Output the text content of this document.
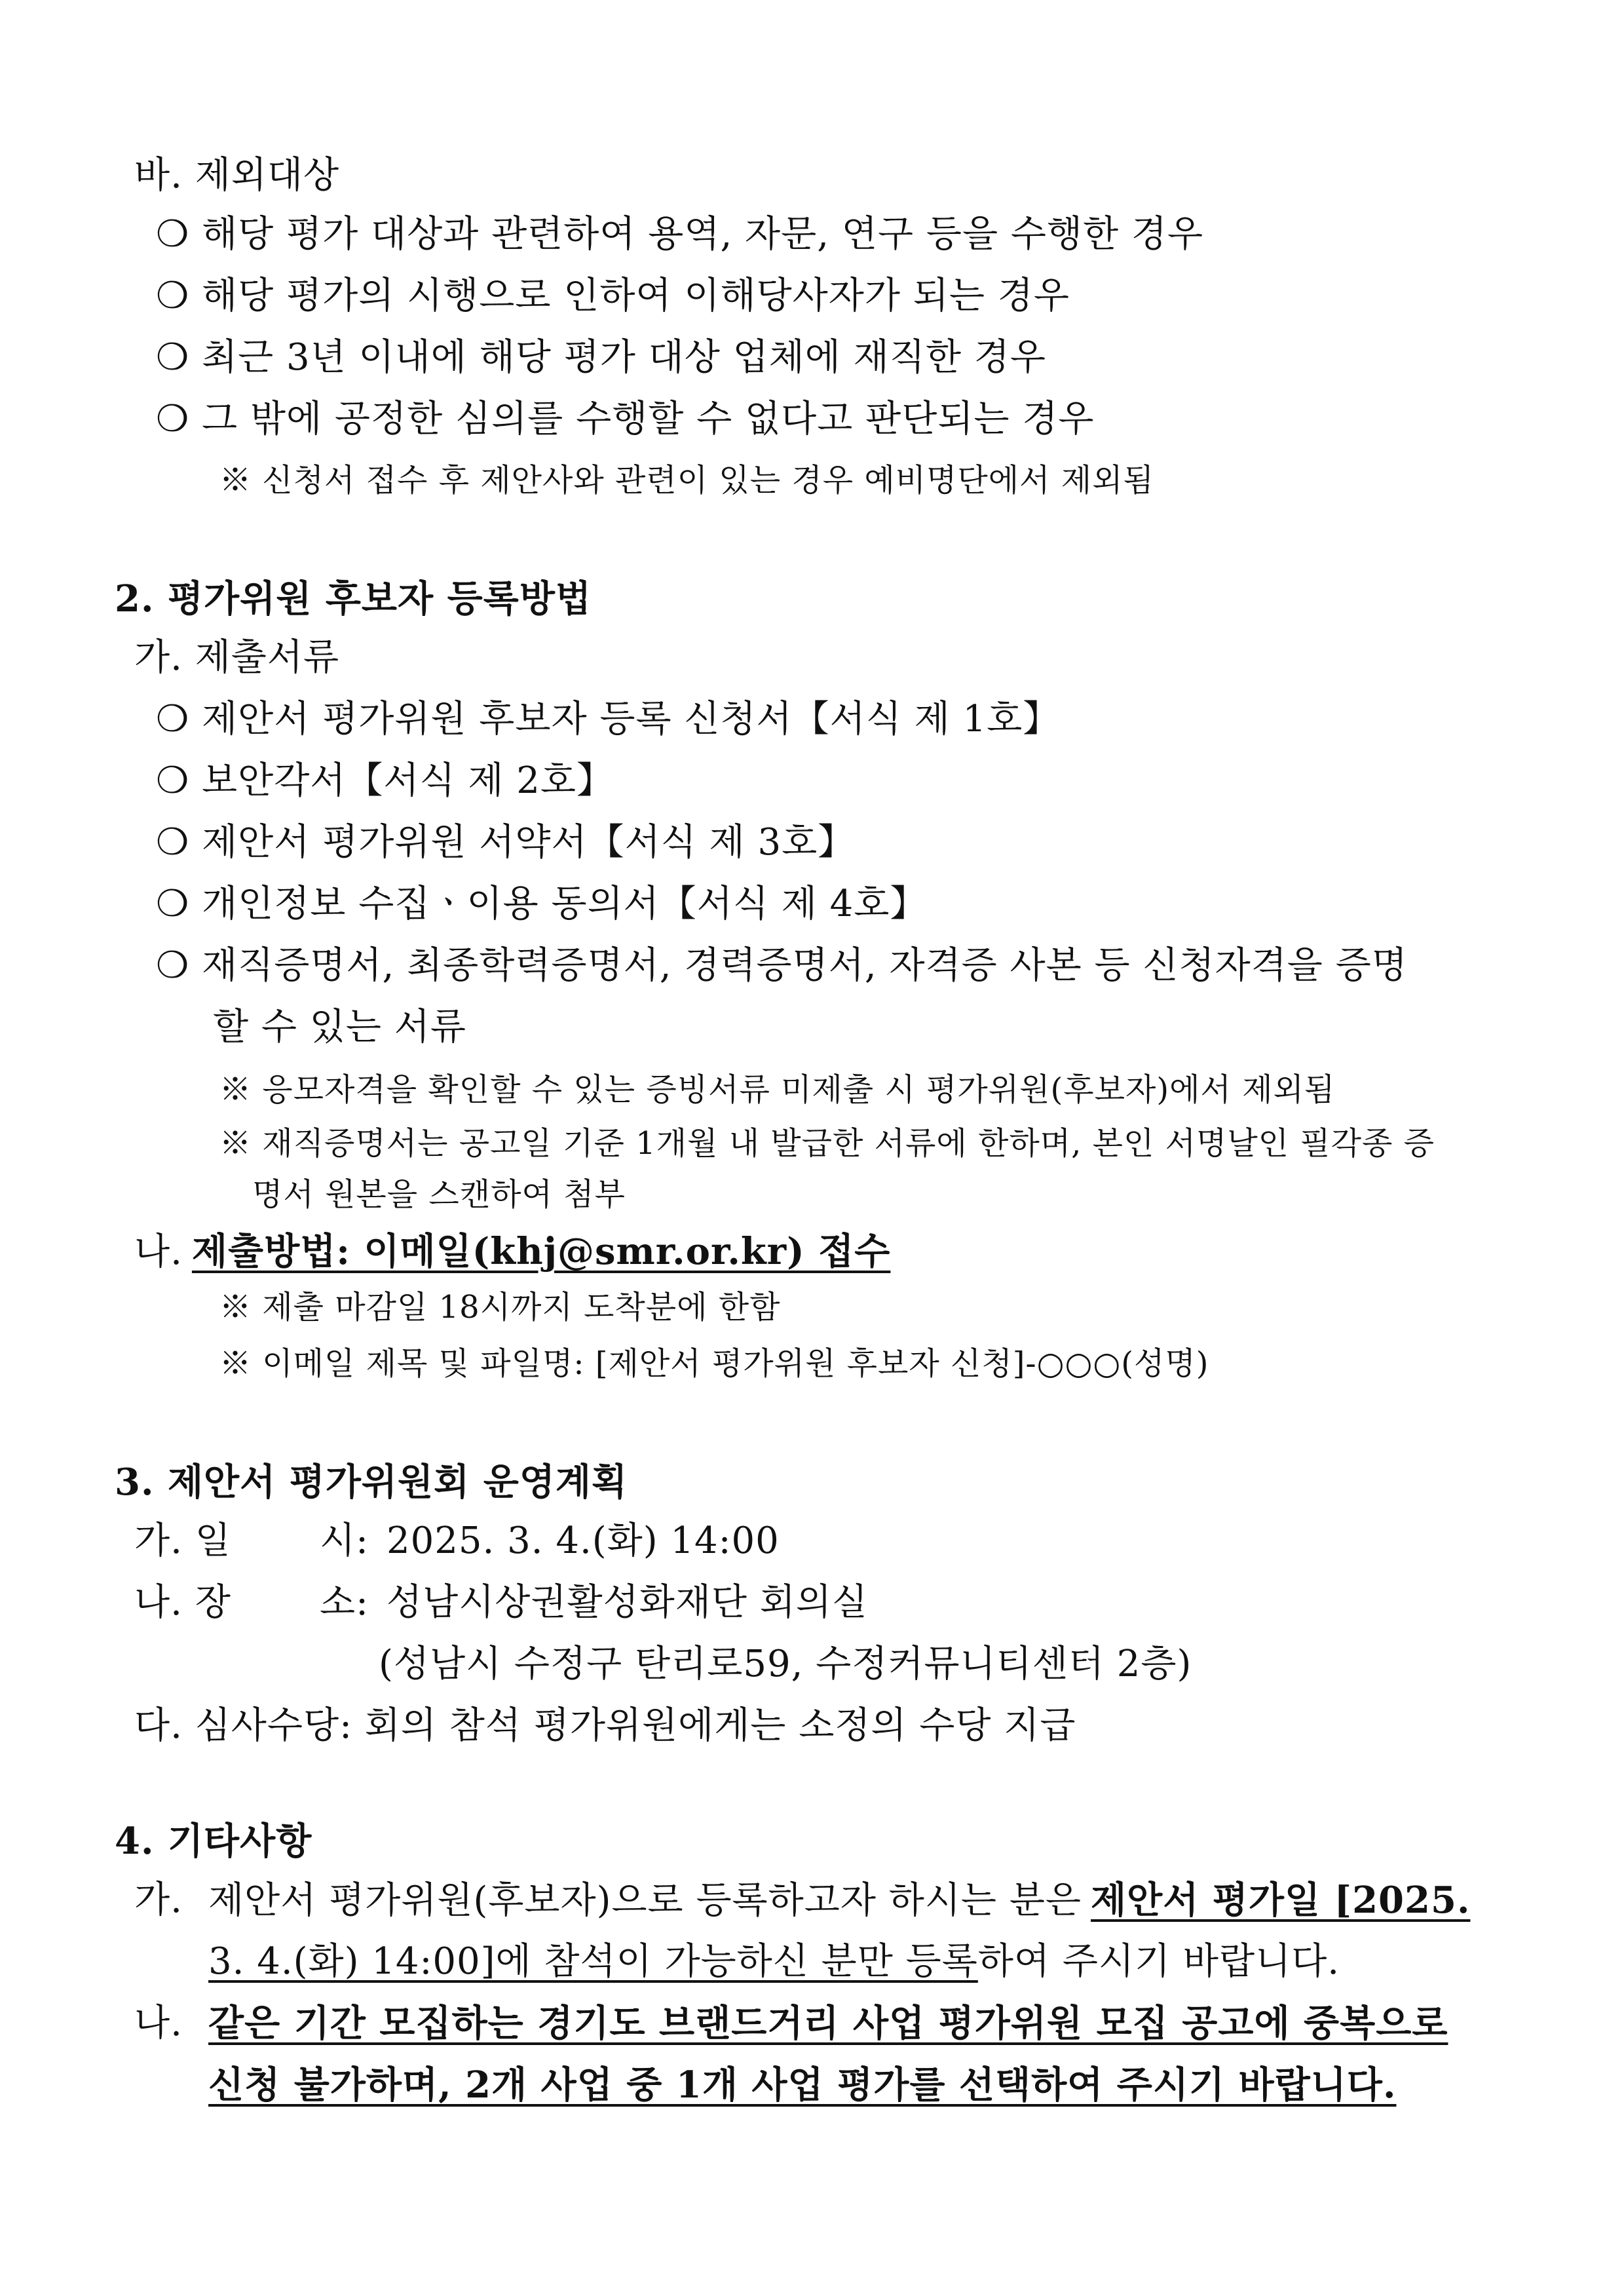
바. 제외대상
❍ 해당 평가 대상과 관련하여 용역, 자문, 연구 등을 수행한 경우
❍ 해당 평가의 시행으로 인하여 이해당사자가 되는 경우
❍ 최근 3년 이내에 해당 평가 대상 업체에 재직한 경우
❍ 그 밖에 공정한 심의를 수행할 수 없다고 판단되는 경우
※ 신청서 접수 후 제안사와 관련이 있는 경우 예비명단에서 제외됨
2. 평가위원 후보자 등록방법
가. 제출서류
❍ 제안서 평가위원 후보자 등록 신청서【서식 제 1호】
❍ 보안각서【서식 제 2호】
❍ 제안서 평가위원 서약서【서식 제 3호】
❍ 개인정보 수집ㆍ이용 동의서【서식 제 4호】
❍ 재직증명서, 최종학력증명서, 경력증명서, 자격증 사본 등 신청자격을 증명
할 수 있는 서류
※ 응모자격을 확인할 수 있는 증빙서류 미제출 시 평가위원(후보자)에서 제외됨
※ 재직증명서는 공고일 기준 1개월 내 발급한 서류에 한하며, 본인 서명날인 필각종 증
명서 원본을 스캔하여 첨부
나. 제출방법: 이메일(khj@smr.or.kr) 접수
※ 제출 마감일 18시까지 도착분에 한함
※ 이메일 제목 및 파일명: [제안서 평가위원 후보자 신청]-○○○(성명)
3. 제안서 평가위원회 운영계획
가. 일 시: 2025. 3. 4.(화) 14:00
나. 장 소: 성남시상권활성화재단 회의실
(성남시 수정구 탄리로59, 수정커뮤니티센터 2층)
다. 심사수당: 회의 참석 평가위원에게는 소정의 수당 지급
4. 기타사항
가. 제안서 평가위원(후보자)으로 등록하고자 하시는 분은 제안서 평가일 [2025.
3. 4.(화) 14:00]에 참석이 가능하신 분만 등록하여 주시기 바랍니다.
나. 같은 기간 모집하는 경기도 브랜드거리 사업 평가위원 모집 공고에 중복으로
신청 불가하며, 2개 사업 중 1개 사업 평가를 선택하여 주시기 바랍니다.
